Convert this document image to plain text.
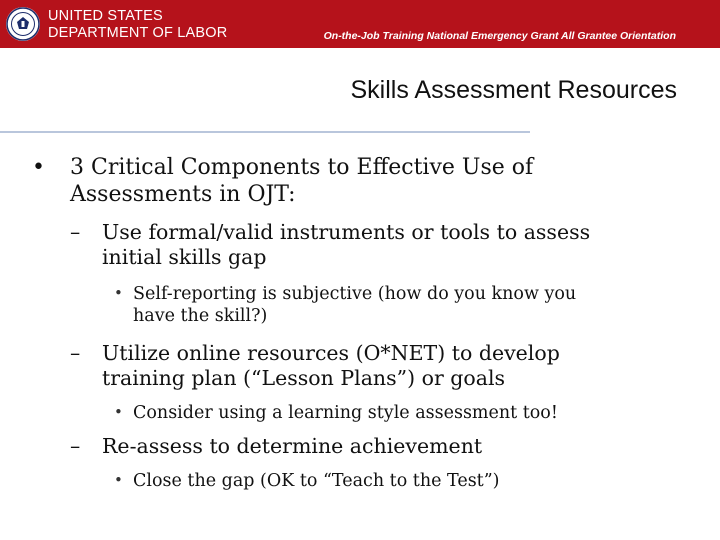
UNITED STATES
DEPARTMENT OF LABOR	On-the-Job Training National Emergency Grant All Grantee Orientation
Skills Assessment Resources
• 3 Critical Components to Effective Use of
Assessments in OJT:
– Use formal/valid instruments or tools to assess
initial skills gap
• Self-reporting is subjective (how do you know you
have the skill?)
– Utilize online resources (O*NET) to develop
training plan (“Lesson Plans”) or goals
• Consider using a learning style assessment too!
– Re-assess to determine achievement
• Close the gap (OK to “Teach to the Test”)
